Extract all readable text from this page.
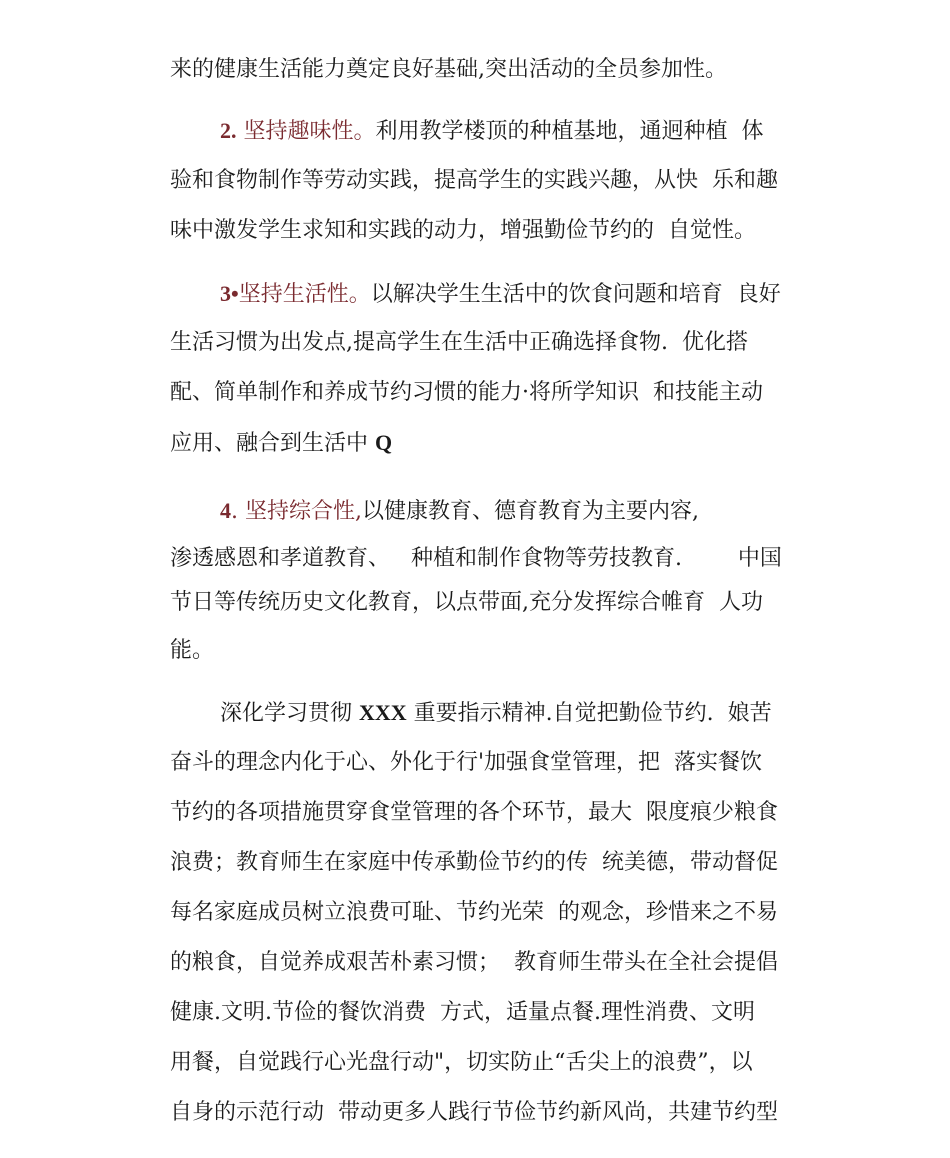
来的健康生活能力奠定良好基础,突出活动的全员参加性。

2. 坚持趣味性。利用教学楼顶的种植基地，通迥种植  体

验和食物制作等劳动实践，提高学生的实践兴趣，从快  乐和趣

味中激发学生求知和实践的动力，增强勤俭节约的  自觉性。

3•坚持生活性。以解决学生生活中的饮食问题和培育  良好

生活习惯为出发点,提高学生在生活中正确选择食物.  优化搭

配、简单制作和养成节约习惯的能力·将所学知识  和技能主动

应用、融合到生活中 Q

4. 坚持综合性,以健康教育、德育教育为主要内容,

渗透感恩和孝道教育、   种植和制作食物等劳技教育.        中国

节日等传统历史文化教育，以点带面,充分发挥综合帷育  人功

能。

深化学习贯彻 XXX 重要指示精神.自觉把勤俭节约.  娘苦

奋斗的理念内化于心、外化于行'加强食堂管理，把  落实餐饮

节约的各项措施贯穿食堂管理的各个环节，最大  限度痕少粮食

浪费；教育师生在家庭中传承勤俭节约的传  统美德，带动督促

每名家庭成员树立浪费可耻、节约光荣  的观念，珍惜来之不易

的粮食，自觉养成艰苦朴素习惯；  教育师生带头在全社会提倡

健康.文明.节俭的餐饮消费  方式，适量点餐.理性消费、文明

用餐，自觉践行心光盘行动"，切实防止“舌尖上的浪费”，以

自身的示范行动  带动更多人践行节俭节约新风尚，共建节约型
